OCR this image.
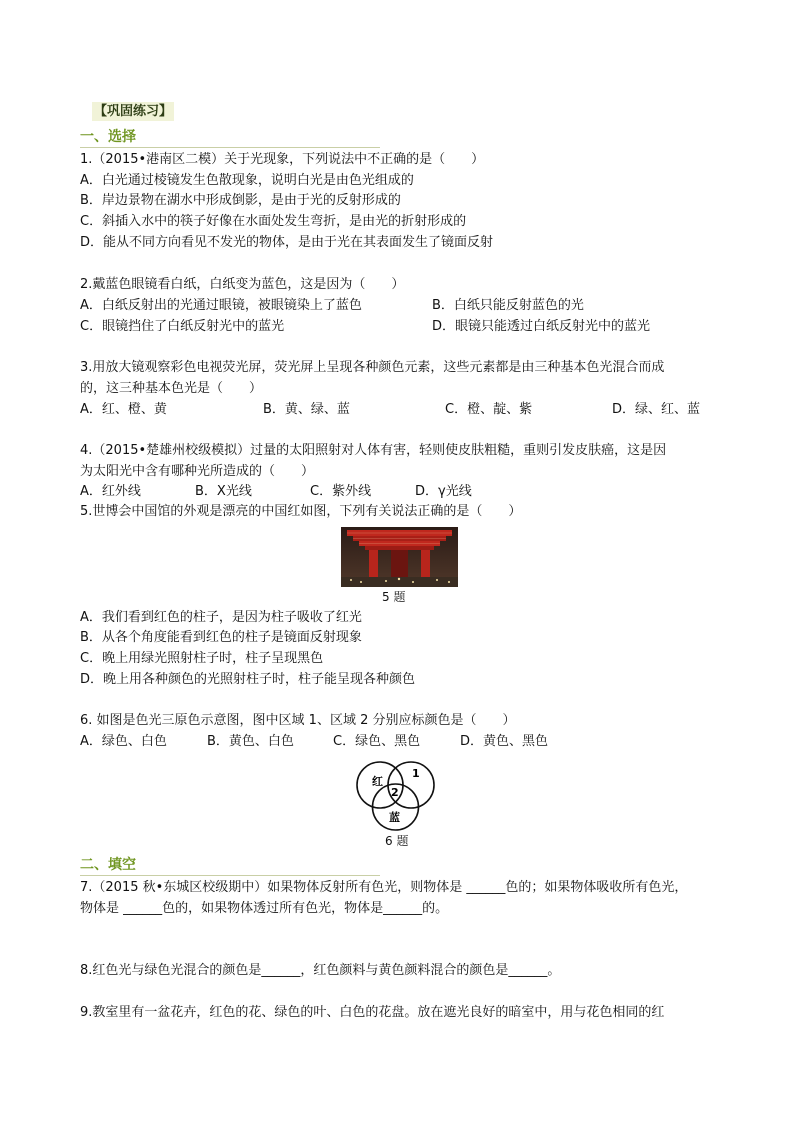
【巩固练习】
一、选择
1.（2015•港南区二模）关于光现象，下列说法中不正确的是（　　）
A．白光通过棱镜发生色散现象，说明白光是由色光组成的
B．岸边景物在湖水中形成倒影，是由于光的反射形成的
C．斜插入水中的筷子好像在水面处发生弯折，是由光的折射形成的
D．能从不同方向看见不发光的物体，是由于光在其表面发生了镜面反射
2.戴蓝色眼镜看白纸，白纸变为蓝色，这是因为（　　）
A．白纸反射出的光通过眼镜，被眼镜染上了蓝色	B．白纸只能反射蓝色的光
C．眼镜挡住了白纸反射光中的蓝光	D．眼镜只能透过白纸反射光中的蓝光
3.用放大镜观察彩色电视荧光屏，荧光屏上呈现各种颜色元素，这些元素都是由三种基本色光混合而成
的，这三种基本色光是（　　）
A．红、橙、黄	B．黄、绿、蓝	C．橙、靛、紫	D．绿、红、蓝
4.（2015•楚雄州校级模拟）过量的太阳照射对人体有害，轻则使皮肤粗糙，重则引发皮肤癌，这是因
为太阳光中含有哪种光所造成的（　　）
A．红外线	B．X光线	C．紫外线	D．γ光线
5.世博会中国馆的外观是漂亮的中国红如图，下列有关说法正确的是（　　）
5 题
A．我们看到红色的柱子，是因为柱子吸收了红光
B．从各个角度能看到红色的柱子是镜面反射现象
C．晚上用绿光照射柱子时，柱子呈现黑色
D．晚上用各种颜色的光照射柱子时，柱子能呈现各种颜色
6. 如图是色光三原色示意图，图中区域 1、区域 2 分别应标颜色是（　　）
A．绿色、白色	B．黄色、白色	C．绿色、黑色	D．黄色、黑色
红
1
2
蓝
6 题
二、填空
7.（2015 秋•东城区校级期中）如果物体反射所有色光，则物体是 ______色的；如果物体吸收所有色光，
物体是 ______色的，如果物体透过所有色光，物体是______的。
8.红色光与绿色光混合的颜色是______，红色颜料与黄色颜料混合的颜色是______。
9.教室里有一盆花卉，红色的花、绿色的叶、白色的花盘。放在遮光良好的暗室中，用与花色相同的红
